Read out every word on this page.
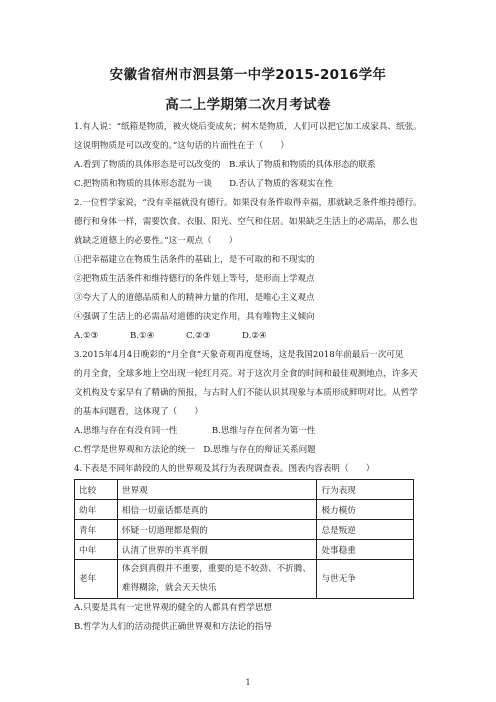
安徽省宿州市泗县第一中学2015-2016学年
高二上学期第二次月考试卷
1.有人说：“纸箱是物质，被火烧后变成灰；树木是物质，人们可以把它加工成家具、纸张。
这说明物质是可以改变的。”这句话的片面性在于（　　）
A.看到了物质的具体形态是可以改变的　B.承认了物质和物质的具体形态的联系
C.把物质和物质的具体形态混为一谈　　D.否认了物质的客观实在性
2.一位哲学家说，“没有幸福就没有德行。如果没有条件取得幸福，那就缺乏条件维持德行。
德行和身体一样，需要饮食、衣服、阳光、空气和住居。如果缺乏生活上的必需品，那么也
就缺乏道德上的必要性。”这一观点（　　）
①把幸福建立在物质生活条件的基础上，是不可取的和不现实的
②把物质生活条件和维持德行的条件划上等号，是形而上学观点
③夸大了人的道德品质和人的精神力量的作用，是唯心主义观点
④强调了生活上的必需品对道德的决定作用，具有唯物主义倾向
A.①③	B.①④	C.②③	D.②④
3.2015年4月4日晚彩的“月全食”天象奇观再度登场，这是我国2018年前最后一次可见
的月全食，全球多地上空出现一轮红月亮。对于这次月全食的时间和最佳观测地点，许多天
文机构及专家早有了精确的预报，与古时人们不能认识其现象与本质形成鲜明对比。从哲学
的基本问题看，这体现了（　　）
A.思维与存在有没有同一性　　　　B.思维与存在何者为第一性
C.哲学是世界观和方法论的统一　D.思维与存在的辩证关系问题
4.下表是不同年龄段的人的世界观及其行为表现调查表。图表内容表明（　　）
比较	世界观	行为表现
幼年	相信一切童话都是真的	极力模仿
青年	怀疑一切道理都是假的	总是叛逆
中年	认清了世界的半真半假	处事稳重
老年	体会到真假并不重要，重要的是不较劲、不折腾、难得糊涂，就会天天快乐	与世无争
A.只要是具有一定世界观的健全的人都具有哲学思想
B.哲学为人们的活动提供正确世界观和方法论的指导
1
